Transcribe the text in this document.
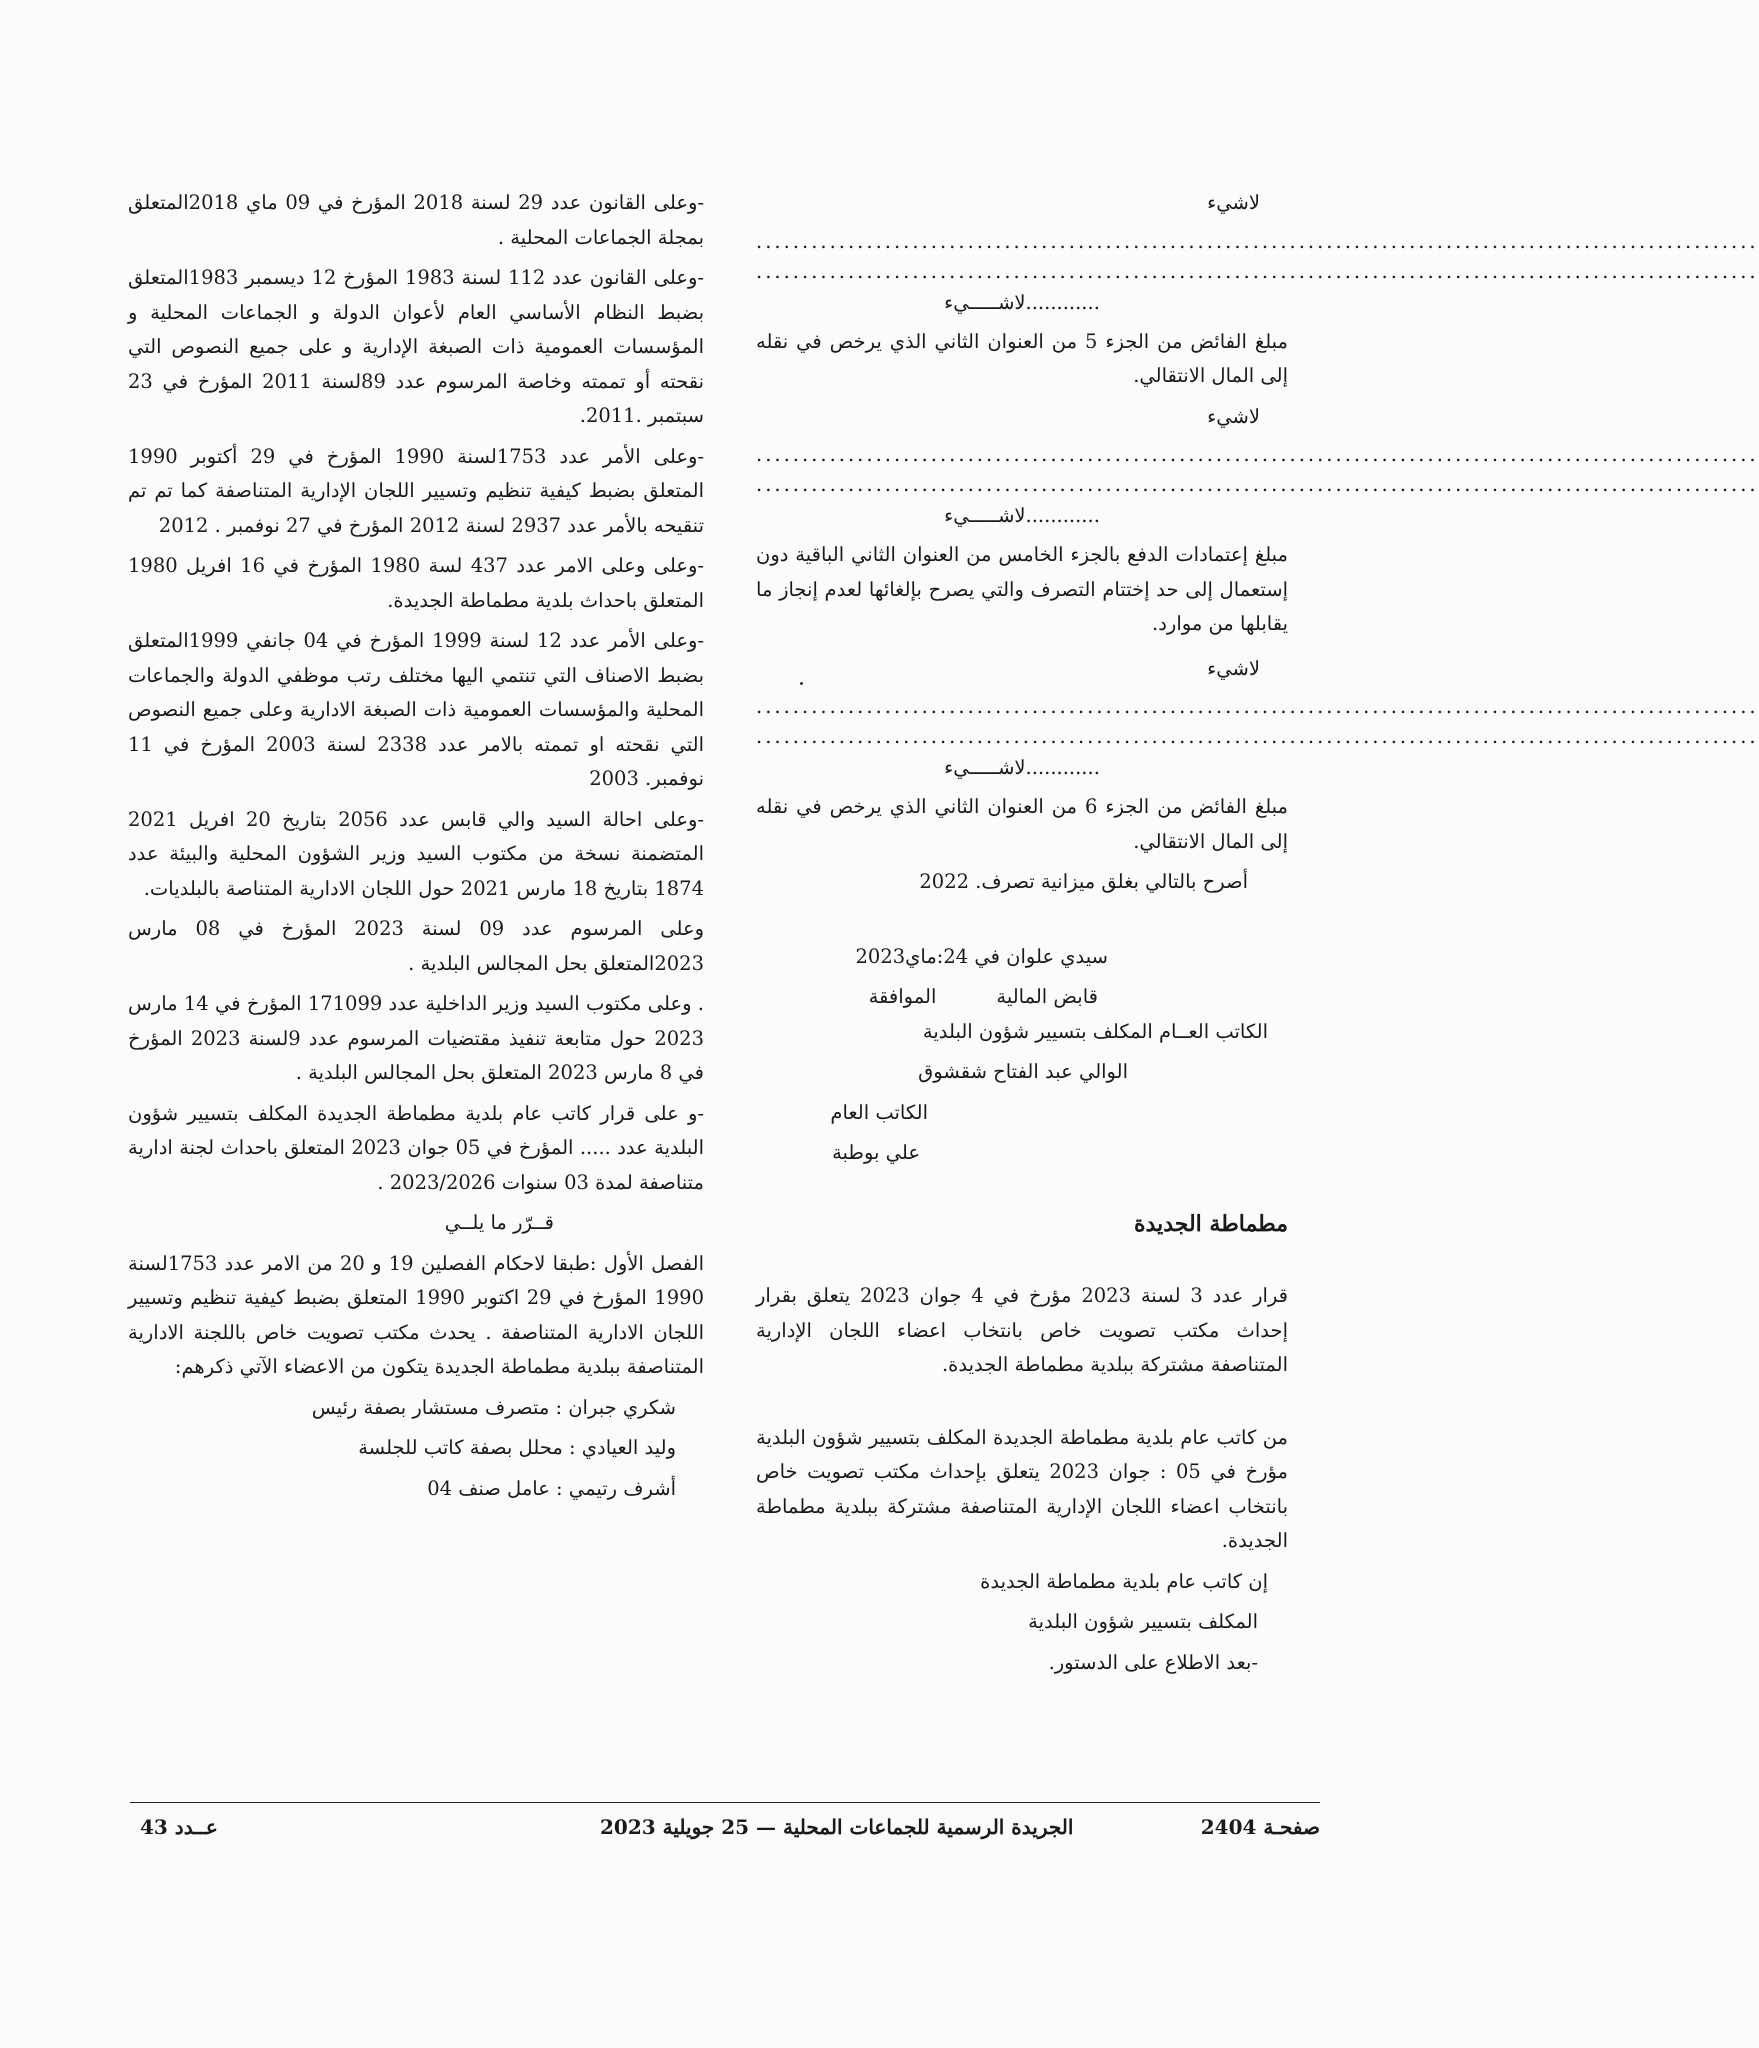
-وعلى القانون عدد 29 لسنة 2018 المؤرخ في 09 ماي 2018المتعلق بمجلة الجماعات المحلية .

-وعلى القانون عدد 112 لسنة 1983 المؤرخ 12 ديسمبر 1983المتعلق بضبط النظام الأساسي العام لأعوان الدولة و الجماعات المحلية و المؤسسات العمومية ذات الصبغة الإدارية و على جميع النصوص التي نقحته أو تممته وخاصة المرسوم عدد 89لسنة 2011 المؤرخ في 23 سبتمبر .2011.

-وعلى الأمر عدد 1753لسنة 1990 المؤرخ في 29 أكتوبر 1990 المتعلق بضبط كيفية تنظيم وتسيير اللجان الإدارية المتناصفة كما تم تم تنقيحه بالأمر عدد 2937 لسنة 2012 المؤرخ في 27 نوفمبر . 2012

-وعلى وعلى الامر عدد 437 لسة 1980 المؤرخ في 16 افريل 1980 المتعلق باحداث بلدية مطماطة الجديدة.

-وعلى الأمر عدد 12 لسنة 1999 المؤرخ في 04 جانفي 1999المتعلق بضبط الاصناف التي تنتمي اليها مختلف رتب موظفي الدولة والجماعات المحلية والمؤسسات العمومية ذات الصبغة الادارية وعلى جميع النصوص التي نقحته او تممته بالامر عدد 2338 لسنة 2003 المؤرخ في 11 نوفمبر. 2003

-وعلى احالة السيد والي قابس عدد 2056 بتاريخ 20 افريل 2021 المتضمنة نسخة من مكتوب السيد وزير الشؤون المحلية والبيئة عدد 1874 بتاريخ 18 مارس 2021 حول اللجان الادارية المتناصة بالبلديات.

وعلى المرسوم عدد 09 لسنة 2023 المؤرخ في 08 مارس 2023المتعلق بحل المجالس البلدية .

. وعلى مكتوب السيد وزير الداخلية عدد 171099 المؤرخ في 14 مارس 2023 حول متابعة تنفيذ مقتضيات المرسوم عدد 9لسنة 2023 المؤرخ في 8 مارس 2023 المتعلق بحل المجالس البلدية .

-و على قرار كاتب عام بلدية مطماطة الجديدة المكلف بتسيير شؤون البلدية عدد ..... المؤرخ في 05 جوان 2023 المتعلق باحداث لجنة ادارية متناصفة لمدة 03 سنوات 2023/2026 .

قــرّر ما يلــي

الفصل الأول :طبقا لاحكام الفصلين 19 و 20 من الامر عدد 1753لسنة 1990 المؤرخ في 29 اكتوبر 1990 المتعلق بضبط كيفية تنظيم وتسيير اللجان الادارية المتناصفة . يحدث مكتب تصويت خاص باللجنة الادارية المتناصفة ببلدية مطماطة الجديدة يتكون من الاعضاء الآتي ذكرهم:

شكري جبران : متصرف مستشار بصفة رئيس

وليد العيادي : محلل بصفة كاتب للجلسة

أشرف رتيمي : عامل صنف 04

لاشيء

.............................................................................................................
.............................................................................................................

............لاشـــــيء

مبلغ الفائض من الجزء 5 من العنوان الثاني الذي يرخص في نقله إلى المال الانتقالي.

لاشيء

.............................................................................................................
.............................................................................................................

............لاشـــــيء

مبلغ إعتمادات الدفع بالجزء الخامس من العنوان الثاني الباقية دون إستعمال إلى حد إختتام التصرف والتي يصرح بإلغائها لعدم إنجاز ما يقابلها من موارد.

لاشيء

.............................................................................................................
.............................................................................................................

............لاشـــــيء

مبلغ الفائض من الجزء 6 من العنوان الثاني الذي يرخص في نقله إلى المال الانتقالي.

أصرح بالتالي بغلق ميزانية تصرف. 2022

سيدي علوان في 24:ماي2023

قابض المالية
الموافقة

الكاتب العــام المكلف بتسيير شؤون البلدية

الوالي عبد الفتاح شقشوق

الكاتب العام

علي بوطبة

مطماطة الجديدة

قرار عدد 3 لسنة 2023 مؤرخ في 4 جوان 2023 يتعلق بقرار إحداث مكتب تصويت خاص بانتخاب اعضاء اللجان الإدارية المتناصفة مشتركة ببلدية مطماطة الجديدة.

من كاتب عام بلدية مطماطة الجديدة المكلف بتسيير شؤون البلدية مؤرخ في 05 : جوان 2023 يتعلق بإحداث مكتب تصويت خاص بانتخاب اعضاء اللجان الإدارية المتناصفة مشتركة ببلدية مطماطة الجديدة.

إن كاتب عام بلدية مطماطة الجديدة

المكلف بتسيير شؤون البلدية

-بعد الاطلاع على الدستور.

عــدد 43	الجريدة الرسمية للجماعات المحلية — 25 جويلية 2023	صفحـة 2404
